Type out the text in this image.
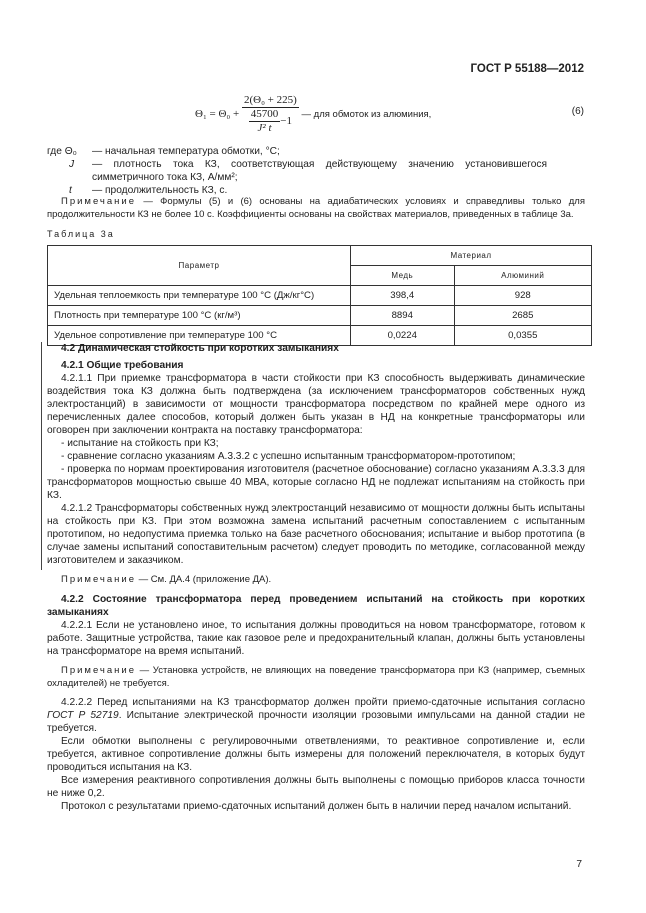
ГОСТ Р 55188—2012
$\Theta_1 = \Theta_0 + \frac{\text{2(Θ₀ + 225)}}{\frac{45700}{\text{J² t}} -1}$ — для обмоток из алюминия,	(6)
где Θ₀	— начальная температура обмотки, °С;
J	— плотность тока КЗ, соответствующая действующему значению установившегося симметричного тока КЗ, А/мм²;
t	— продолжительность КЗ, с.

Примечание — Формулы (5) и (6) основаны на адиабатических условиях и справедливы только для продолжительности КЗ не более 10 с. Коэффициенты основаны на свойствах материалов, приведенных в таблице 3а.

Таблица 3а
Параметр	Материал	
	Медь	Алюминий
Удельная теплоемкость при температуре 100 °С (Дж/кг°С)	398,4	928
Плотность при температуре 100 °С (кг/м³)	8894	2685
Удельное сопротивление при температуре 100 °С	0,0224	0,0355
4.2 Динамическая стойкость при коротких замыканиях
4.2.1 Общие требования

4.2.1.1 При приемке трансформатора в части стойкости при КЗ способность выдерживать динамические воздействия тока КЗ должна быть подтверждена (за исключением трансформаторов собственных нужд электростанций) в зависимости от мощности трансформатора посредством по крайней мере одного из перечисленных далее способов, который должен быть указан в НД на конкретные трансформаторы или оговорен при заключении контракта на поставку трансформатора:

- испытание на стойкость при КЗ;

- сравнение согласно указаниям А.3.3.2 с успешно испытанным трансформатором-прототипом;

- проверка по нормам проектирования изготовителя (расчетное обоснование) согласно указаниям А.3.3.3 для трансформаторов мощностью свыше 40 МВА, которые согласно НД не подлежат испытаниям на стойкость при КЗ.

4.2.1.2 Трансформаторы собственных нужд электростанций независимо от мощности должны быть испытаны на стойкость при КЗ. При этом возможна замена испытаний расчетным сопоставлением с испытанным прототипом, но недопустима приемка только на базе расчетного обоснования; испытание и выбор прототипа (в случае замены испытаний сопоставительным расчетом) следует проводить по методике, согласованной между изготовителем и заказчиком.

Примечание — См. ДА.4 (приложение ДА).

4.2.2 Состояние трансформатора перед проведением испытаний на стойкость при коротких замыканиях

4.2.2.1 Если не установлено иное, то испытания должны проводиться на новом трансформаторе, готовом к работе. Защитные устройства, такие как газовое реле и предохранительный клапан, должны быть установлены на трансформаторе на время испытаний.

Примечание — Установка устройств, не влияющих на поведение трансформатора при КЗ (например, съемных охладителей) не требуется.

4.2.2.2 Перед испытаниями на КЗ трансформатор должен пройти приемо-сдаточные испытания согласно ГОСТ Р 52719. Испытание электрической прочности изоляции грозовыми импульсами на данной стадии не требуется.

Если обмотки выполнены с регулировочными ответвлениями, то реактивное сопротивление и, если требуется, активное сопротивление должны быть измерены для положений переключателя, в которых будут проводиться испытания на КЗ.

Все измерения реактивного сопротивления должны быть выполнены с помощью приборов класса точности не ниже 0,2.

Протокол с результатами приемо-сдаточных испытаний должен быть в наличии перед началом испытаний.

7
